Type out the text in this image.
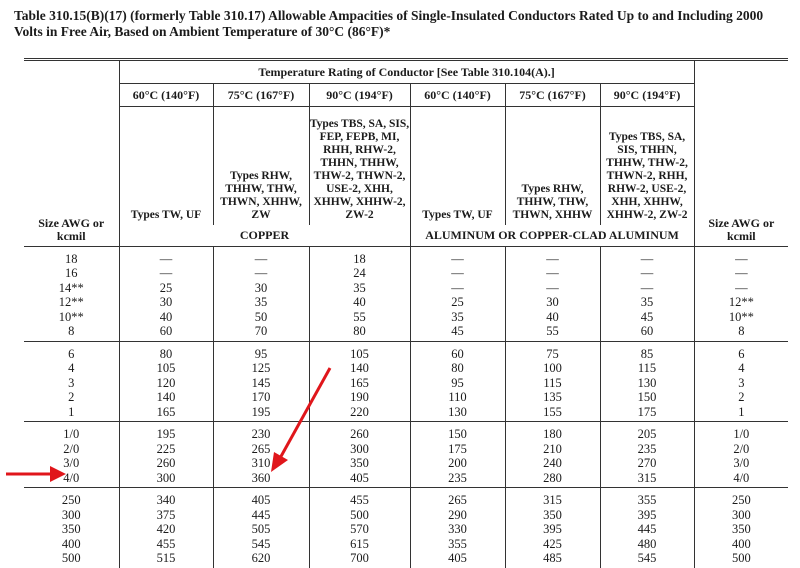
Table 310.15(B)(17) (formerly Table 310.17) Allowable Ampacities of Single-Insulated Conductors Rated Up to and Including 2000 Volts in Free Air, Based on Ambient Temperature of 30°C (86°F)*
Size AWG or kcmil	Temperature Rating of Conductor [See Table 310.104(A).]						Size AWG or kcmil
	60°C (140°F)	75°C (167°F)	90°C (194°F)	60°C (140°F)	75°C (167°F)	90°C (194°F)	
	Types TW, UF	Types RHW, THHW, THW, THWN, XHHW, ZW	Types TBS, SA, SIS, FEP, FEPB, MI, RHH, RHW-2, THHN, THHW, THW-2, THWN-2, USE-2, XHH, XHHW, XHHW-2, ZW-2	Types TW, UF	Types RHW, THHW, THW, THWN, XHHW	Types TBS, SA, SIS, THHN, THHW, THW-2, THWN-2, RHH, RHW-2, USE-2, XHH, XHHW, XHHW-2, ZW-2	
	COPPER			ALUMINUM OR COPPER-CLAD ALUMINUM			
18	—	—	18	—	—	—	—
16	—	—	24	—	—	—	—
14**	25	30	35	—	—	—	—
12**	30	35	40	25	30	35	12**
10**	40	50	55	35	40	45	10**
8	60	70	80	45	55	60	8
6	80	95	105	60	75	85	6
4	105	125	140	80	100	115	4
3	120	145	165	95	115	130	3
2	140	170	190	110	135	150	2
1	165	195	220	130	155	175	1
1/0	195	230	260	150	180	205	1/0
2/0	225	265	300	175	210	235	2/0
3/0	260	310	350	200	240	270	3/0
4/0	300	360	405	235	280	315	4/0
250	340	405	455	265	315	355	250
300	375	445	500	290	350	395	300
350	420	505	570	330	395	445	350
400	455	545	615	355	425	480	400
500	515	620	700	405	485	545	500
